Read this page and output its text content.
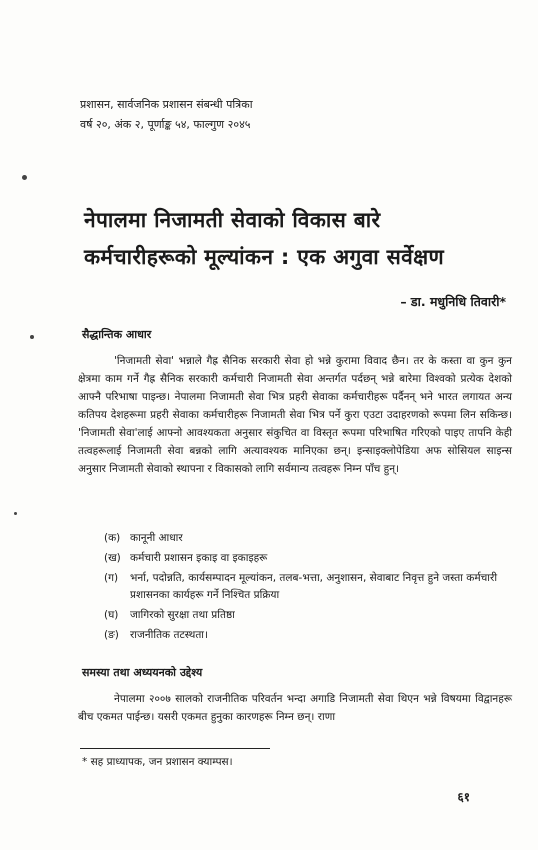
प्रशासन, सार्वजनिक प्रशासन संबन्धी पत्रिका
वर्ष २०, अंक २, पूर्णाङ्क ५४, फाल्गुण २०४५
नेपालमा निजामती सेवाको विकास बारे
कर्मचारीहरूको मूल्यांकन : एक अगुवा सर्वेक्षण
– डा. मधुनिधि तिवारी*
सैद्धान्तिक आधार

'निजामती सेवा' भन्नाले गैह्र सैनिक सरकारी सेवा हो भन्ने कुरामा विवाद छैन। तर के कस्ता वा कुन कुन क्षेत्रमा काम गर्ने गैह्र सैनिक सरकारी कर्मचारी निजामती सेवा अन्तर्गत पर्दछन् भन्ने बारेमा विश्वको प्रत्येक देशको आफ्नै परिभाषा पाइन्छ। नेपालमा निजामती सेवा भित्र प्रहरी सेवाका कर्मचारीहरू पर्दैनन् भने भारत लगायत अन्य कतिपय देशहरूमा प्रहरी सेवाका कर्मचारीहरू निजामती सेवा भित्र पर्ने कुरा एउटा उदाहरणको रूपमा लिन सकिन्छ। 'निजामती सेवा'लाई आफ्नो आवश्यकता अनुसार संकुचित वा विस्तृत रूपमा परिभाषित गरिएको पाइए तापनि केही तत्वहरूलाई निजामती सेवा बन्नको लागि अत्यावश्यक मानिएका छन्। इन्साइक्लोपेडिया अफ सोसियल साइन्स अनुसार निजामती सेवाको स्थापना र विकासको लागि सर्वमान्य तत्वहरू निम्न पाँच हुन्।

(क) कानूनी आधार
(ख) कर्मचारी प्रशासन इकाइ वा इकाइहरू
(ग)	भर्ना, पदोन्नति, कार्यसम्पादन मूल्यांकन, तलब-भत्ता, अनुशासन, सेवाबाट निवृत्त हुने जस्ता कर्मचारी प्रशासनका कार्यहरू गर्ने निश्चित प्रक्रिया
(घ)	जागिरको सुरक्षा तथा प्रतिष्ठा
(ङ)	राजनीतिक तटस्थता।
समस्या तथा अध्ययनको उद्देश्य

नेपालमा २००७ सालको राजनीतिक परिवर्तन भन्दा अगाडि निजामती सेवा थिएन भन्ने विषयमा विद्वानहरू बीच एकमत पाईन्छ। यसरी एकमत हुनुका कारणहरू निम्न छन्। राणा

* सह प्राध्यापक, जन प्रशासन क्याम्पस।
६१
